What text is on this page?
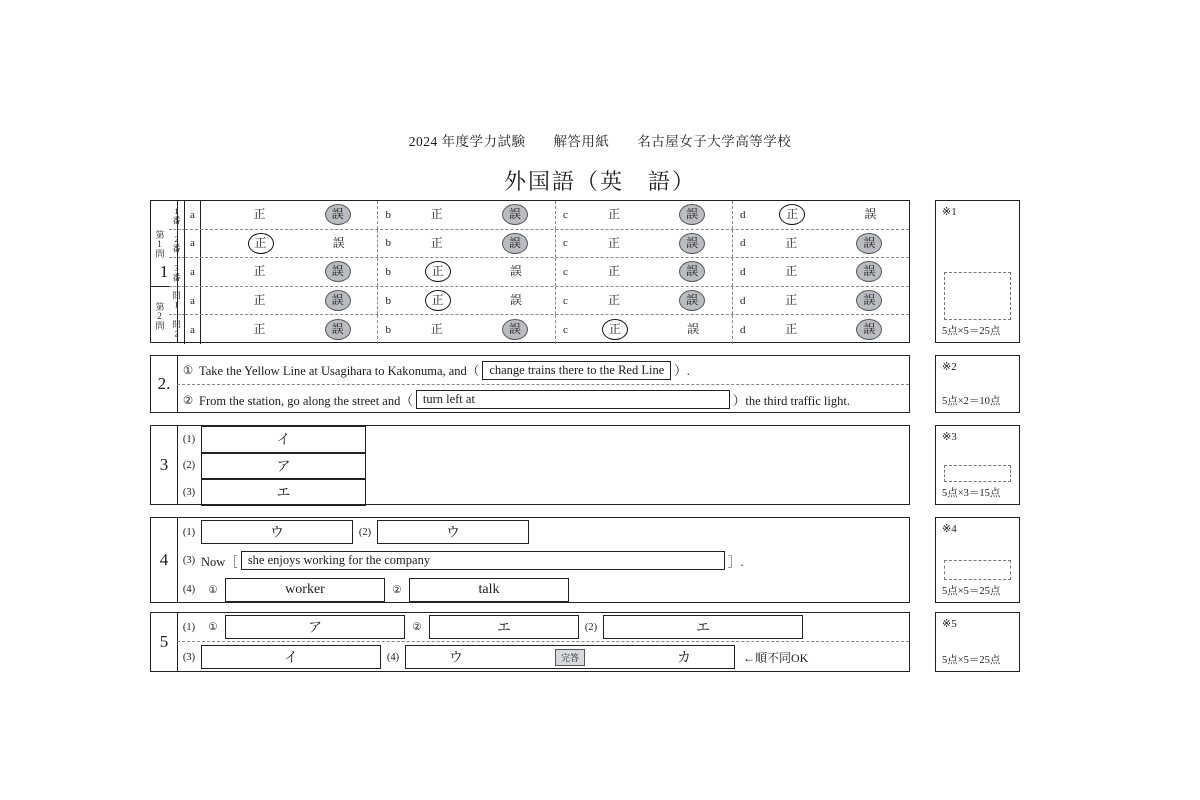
2024 年度学力試験 解答用紙 名古屋女子大学高等学校
外国語（英　語）
1
第1問
第2問
1番
2番
3番
問1
問2
a	正	誤	b	正	誤	c	正	誤	d	正	誤
a	正	誤	b	正	誤	c	正	誤	d	正	誤
a	正	誤	b	正	誤	c	正	誤	d	正	誤
a	正	誤	b	正	誤	c	正	誤	d	正	誤
a	正	誤	b	正	誤	c	正	誤	d	正	誤
※1
5点×5＝25点
2.
① Take the Yellow Line at Usagihara to Kakonuma, and（ change trains there to the Red Line ）.
② From the station, go along the street and（ turn left at	）the third traffic light.
※2
5点×2＝10点
3
(1)	イ
(2)	ア
(3)	エ
※3
5点×3＝15点
4
(1)	ウ	(2)	ウ
(3) Now［ she enjoys working for the company	］.
(4)	①	worker	②	talk
※4
5点×5＝25点
5
(1)	①	ア	②	エ	(2)	エ
(3)	イ	(4)	ウ	完答	カ	←順不同OK
※5
5点×5＝25点
